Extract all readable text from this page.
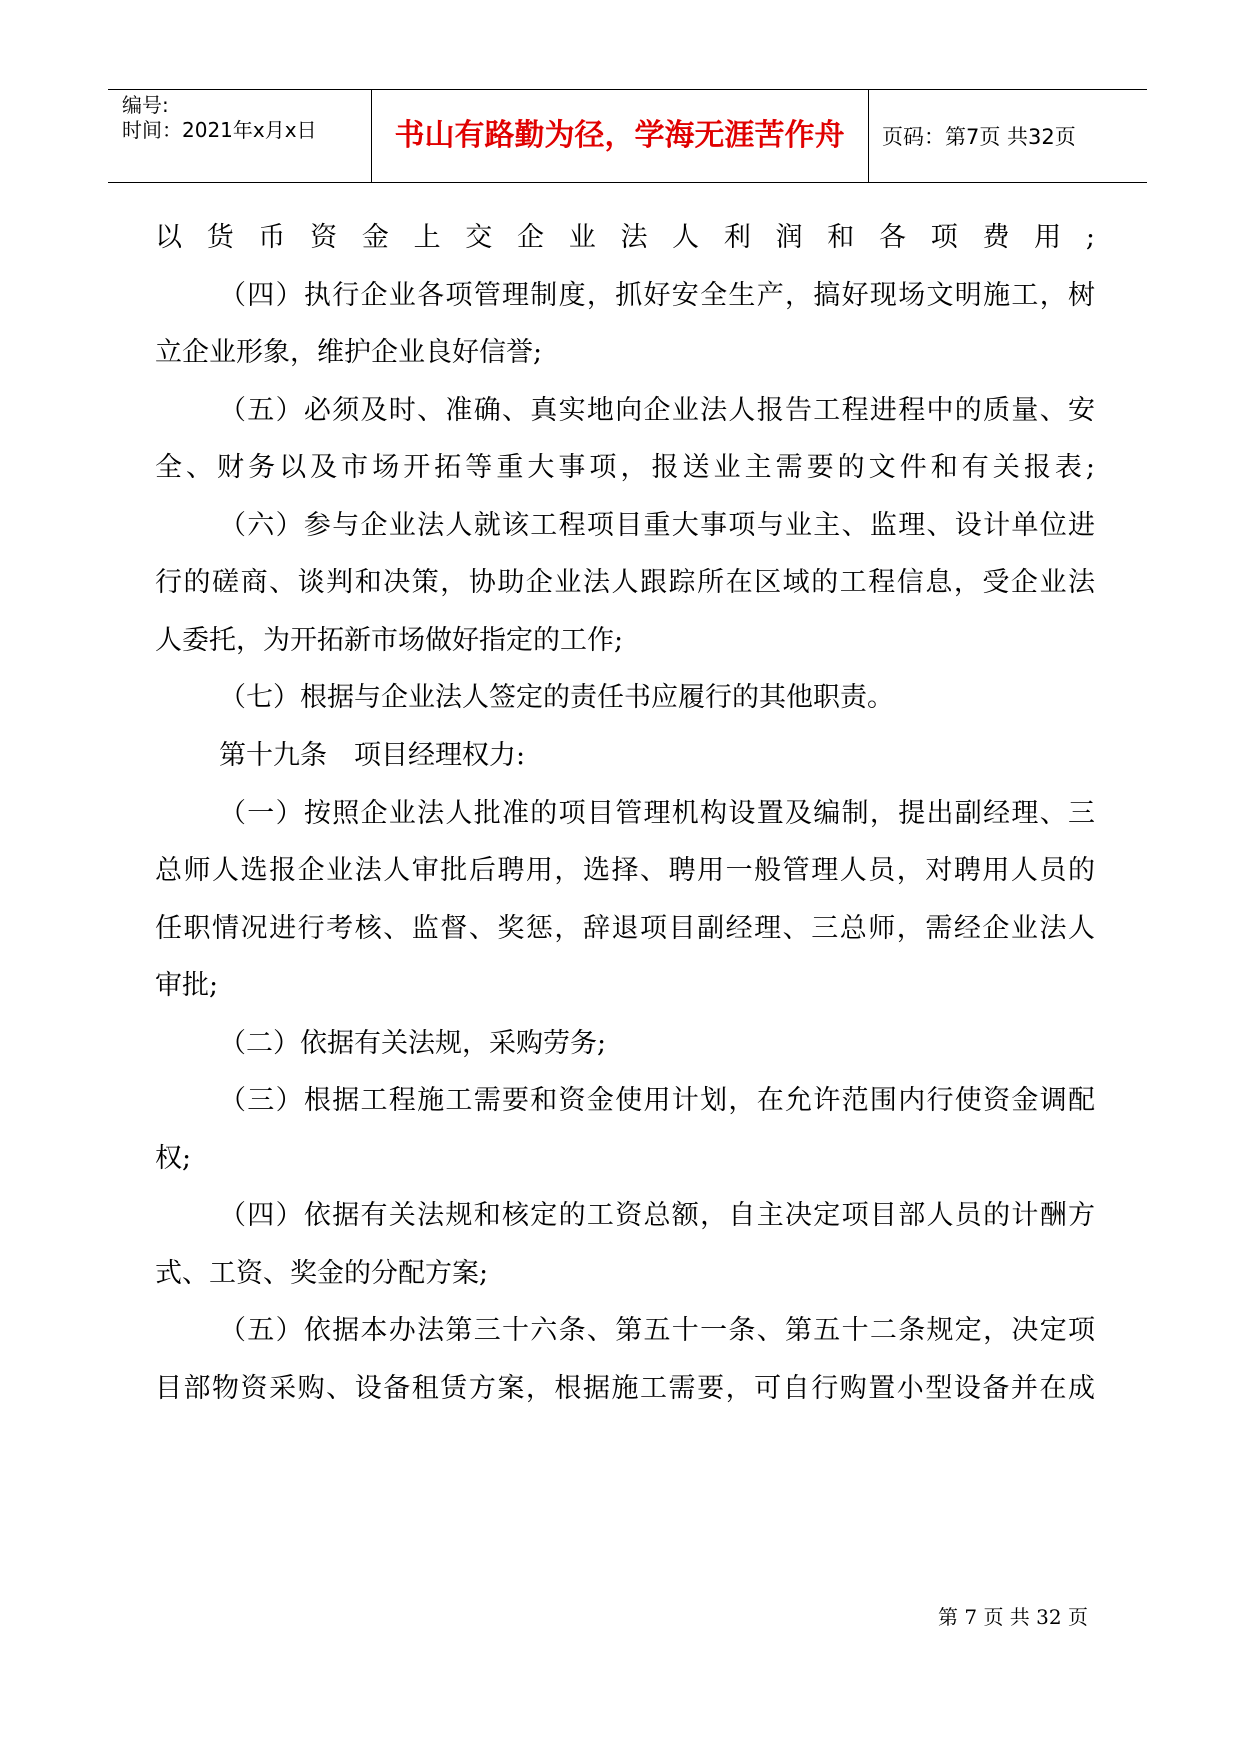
编号:
时间：2021年x月x日	书山有路勤为径，学海无涯苦作舟	页码：第7页 共32页
以货币资金上交企业法人利润和各项费用;
（四）执行企业各项管理制度，抓好安全生产，搞好现场文明施工，树
立企业形象，维护企业良好信誉;
（五）必须及时、准确、真实地向企业法人报告工程进程中的质量、安
全、财务以及市场开拓等重大事项，报送业主需要的文件和有关报表;
（六）参与企业法人就该工程项目重大事项与业主、监理、设计单位进
行的磋商、谈判和决策，协助企业法人跟踪所在区域的工程信息，受企业法
人委托，为开拓新市场做好指定的工作;
（七）根据与企业法人签定的责任书应履行的其他职责。
第十九条　项目经理权力:
（一）按照企业法人批准的项目管理机构设置及编制，提出副经理、三
总师人选报企业法人审批后聘用，选择、聘用一般管理人员，对聘用人员的
任职情况进行考核、监督、奖惩，辞退项目副经理、三总师，需经企业法人
审批;
（二）依据有关法规，采购劳务;
（三）根据工程施工需要和资金使用计划，在允许范围内行使资金调配
权;
（四）依据有关法规和核定的工资总额，自主决定项目部人员的计酬方
式、工资、奖金的分配方案;
（五）依据本办法第三十六条、第五十一条、第五十二条规定，决定项
目部物资采购、设备租赁方案，根据施工需要，可自行购置小型设备并在成
第 7 页 共 32 页
